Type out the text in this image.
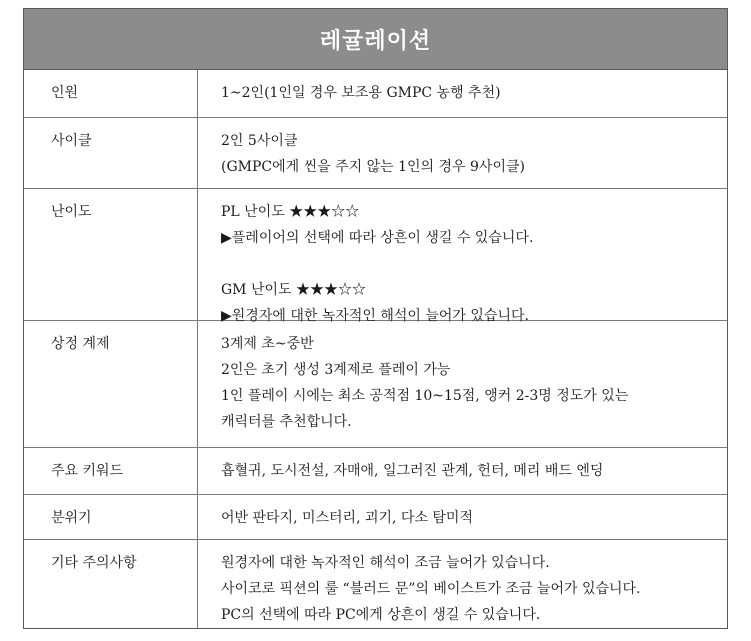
레귤레이션
인원	1~2인(1인일 경우 보조용 GMPC 농행 추천)
사이클	2인 5사이클
(GMPC에게 씬을 주지 않는 1인의 경우 9사이클)
난이도	PL 난이도 ★★★☆☆
▶플레이어의 선택에 따라 상흔이 생길 수 있습니다.
GM 난이도 ★★★☆☆
▶원경자에 대한 녹자적인 해석이 늘어가 있습니다.
상정 계제	3계제 초~중반
2인은 초기 생성 3계제로 플레이 가능
1인 플레이 시에는 최소 공적점 10~15점, 앵커 2-3명 정도가 있는
캐릭터를 추천합니다.
주요 키워드	흡혈귀, 도시전설, 자매애, 일그러진 관계, 헌터, 메리 배드 엔딩
분위기	어반 판타지, 미스터리, 괴기, 다소 탐미적
기타 주의사항	원경자에 대한 녹자적인 해석이 조금 늘어가 있습니다.
사이코로 픽션의 룰 “블러드 문”의 베이스트가 조금 늘어가 있습니다.
PC의 선택에 따라 PC에게 상흔이 생길 수 있습니다.
